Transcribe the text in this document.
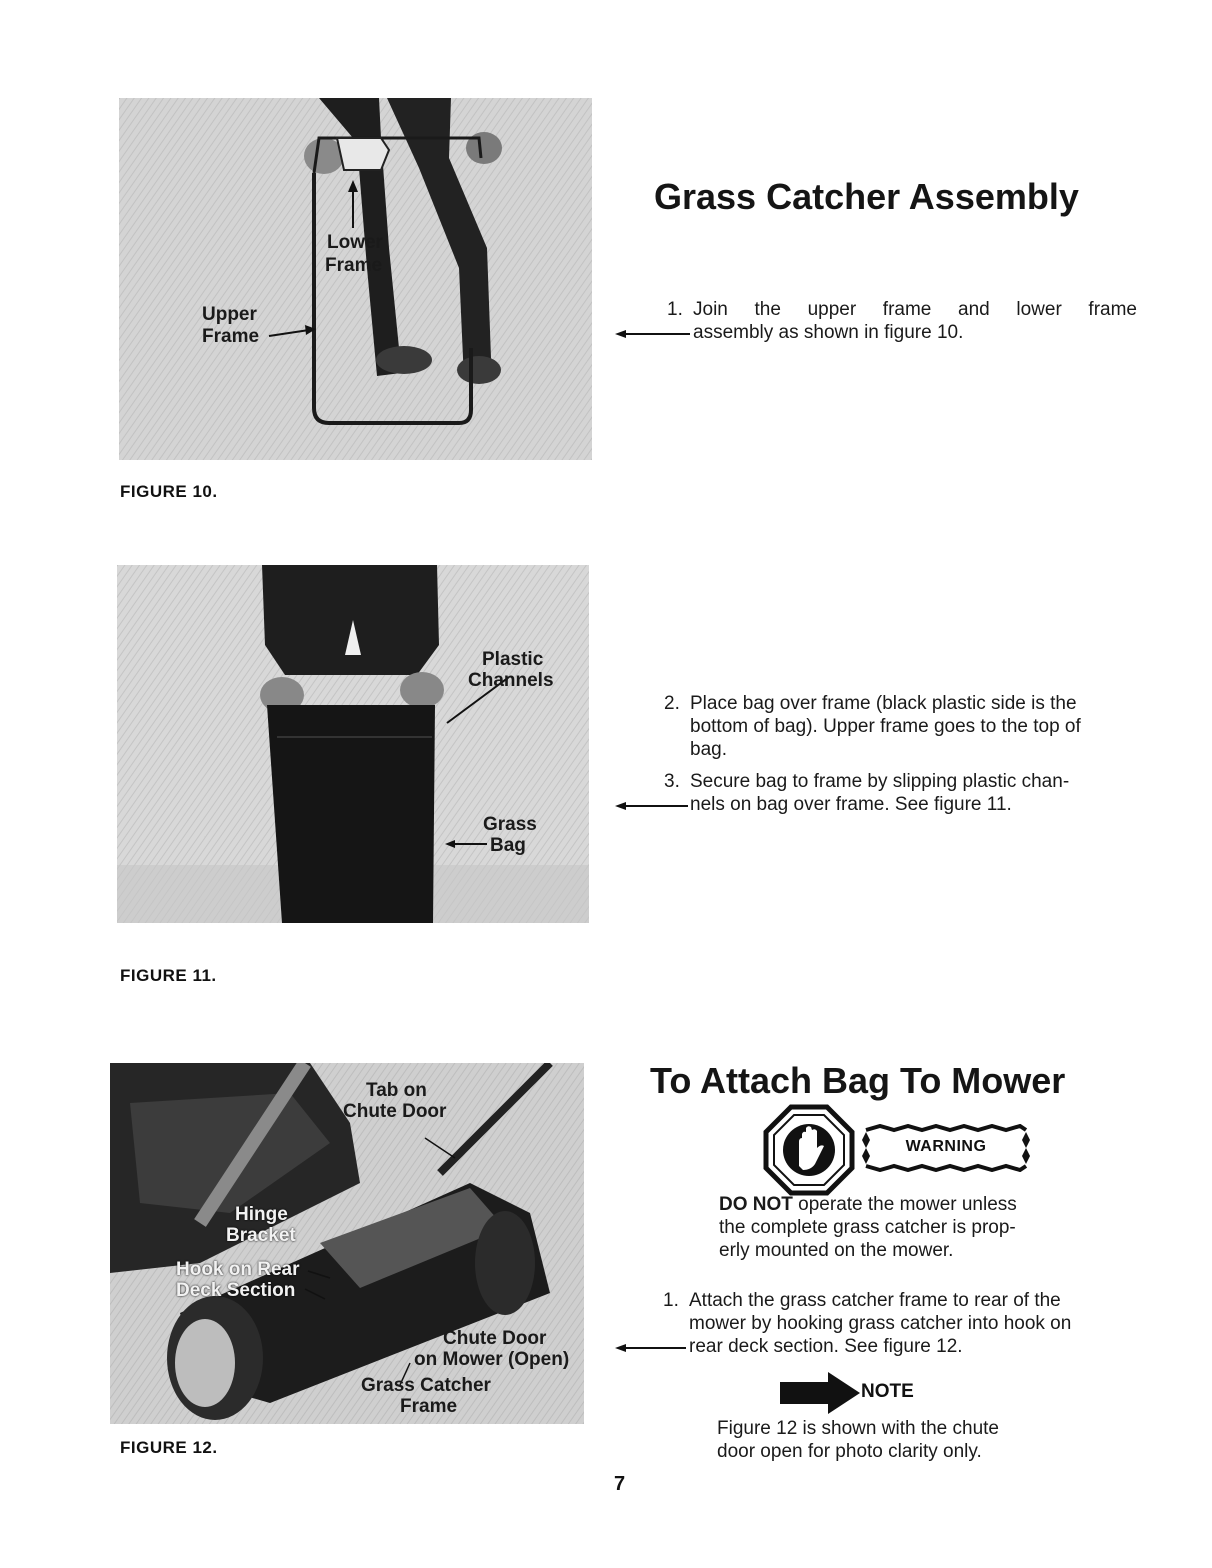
Lower
Frame
Upper
Frame
FIGURE 10.
Grass Catcher Assembly
1. Join the upper frame and lower frame
assembly as shown in figure 10.
Plastic
Channels
Grass
Bag
FIGURE 11.
2. Place bag over frame (black plastic side is the
bottom of bag). Upper frame goes to the top of
bag.
3. Secure bag to frame by slipping plastic chan-
nels on bag over frame. See figure 11.
Tab on
Chute Door
Hinge
Bracket
Hook on Rear
Deck Section
Chute Door
on Mower (Open)
Grass Catcher
Frame
FIGURE 12.
To Attach Bag To Mower
WARNING
DO NOT operate the mower unless
the complete grass catcher is prop-
erly mounted on the mower.
1. Attach the grass catcher frame to rear of the
mower by hooking grass catcher into hook on
rear deck section. See figure 12.
NOTE
Figure 12 is shown with the chute
door open for photo clarity only.
7
